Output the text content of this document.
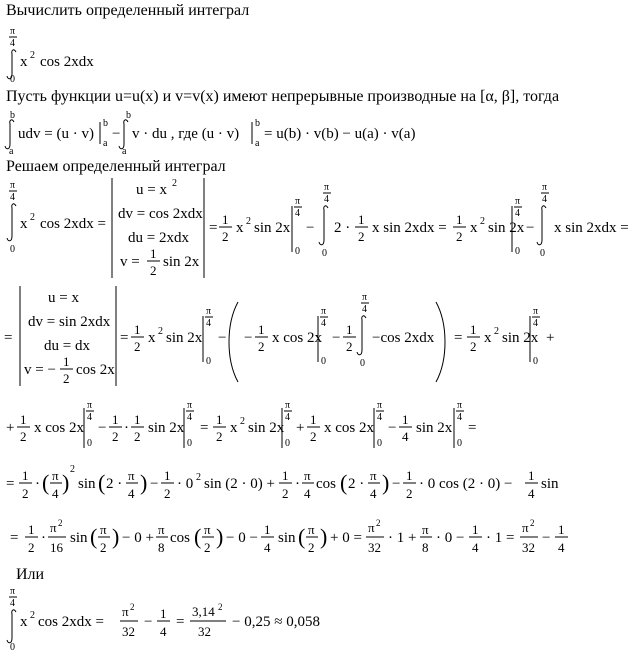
Вычислить определенный интеграл
π
4
0
x 2 cos 2xdx
Пусть функции u=u(x) и v=v(x) имеют непрерывные производные на [α, β], тогда
b
a
udv = (u · v)
b
a
−
b
a
v · du , где (u · v)
b
a
= u(b) · v(b) − u(a) · v(a)
Решаем определенный интеграл
π
4
0
x 2 cos 2xdx =
u = x 2
dv = cos 2xdx
du = 2xdx
v =
1
2
sin 2x
=
1
2
x 2 sin 2x
π
4
0
−
π
4
0
2 ·
1
2
x sin 2xdx =
1
2
x 2 sin 2x
π
4
0
−
π
4
0
x sin 2xdx =
=
u = x
dv = sin 2xdx
du = dx
v = −
1
2
cos 2x
=
1
2
x 2 sin 2x
π
4
0
− −
1
2
x cos 2x
π
4
0
−
1
2
π
4
0
−cos 2xdx =
1
2
x 2 sin 2x
π
4
0
+
+
1
2
x cos 2x
π
4
0
−
1
2
·
1
2
sin 2x
π
4
0
=
1
2
x 2 sin 2x
π
4
0
+
1
2
x cos 2x
π
4
0
−
1
4
sin 2x
π
4
0
=
=
1
2
· ( π
4 )
2
sin ( 2 ·
π
4 ) −
1
2
· 0 2 sin (2 · 0) +
1
2
·
π
4
cos ( 2 ·
π
4 ) −
1
2
· 0 cos (2 · 0) −
1
4
sin
=
1
2
·
π 2
16
sin ( π
2 ) − 0 +
π
8
cos ( π
2 ) − 0 −
1
4
sin ( π
2 ) + 0 =
π 2
32
· 1 +
π
8
· 0 −
1
4
· 1 =
π 2
32
−
1
4
Или
π
4
0
x 2 cos 2xdx =
π 2
32
−
1
4
=
3,14 2
32
− 0,25 ≈ 0,058
